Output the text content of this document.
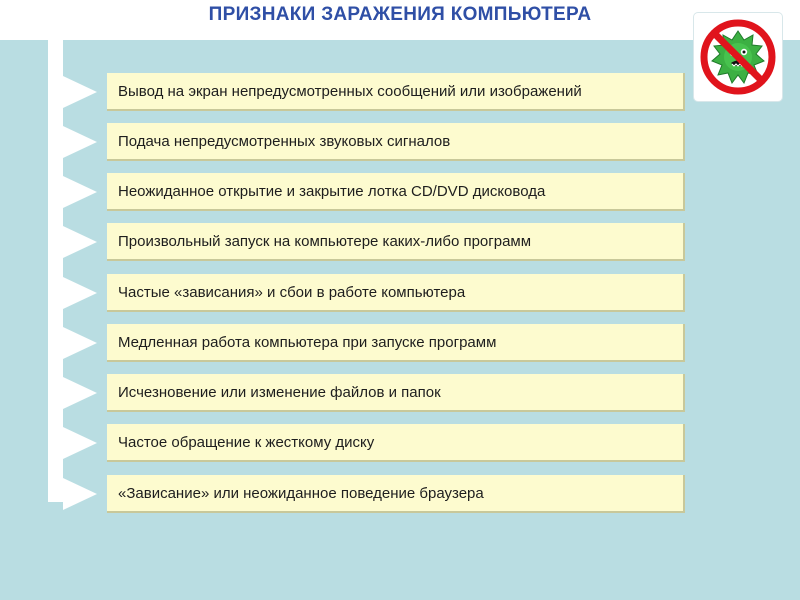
ПРИЗНАКИ ЗАРАЖЕНИЯ КОМПЬЮТЕРА
Вывод на экран непредусмотренных сообщений или изображений
Подача непредусмотренных звуковых сигналов
Неожиданное открытие и закрытие лотка CD/DVD дисковода
Произвольный запуск на компьютере каких-либо программ
Частые «зависания» и сбои в работе компьютера
Медленная работа компьютера при запуске программ
Исчезновение или изменение файлов и папок
Частое обращение к жесткому диску
«Зависание» или неожиданное поведение браузера
